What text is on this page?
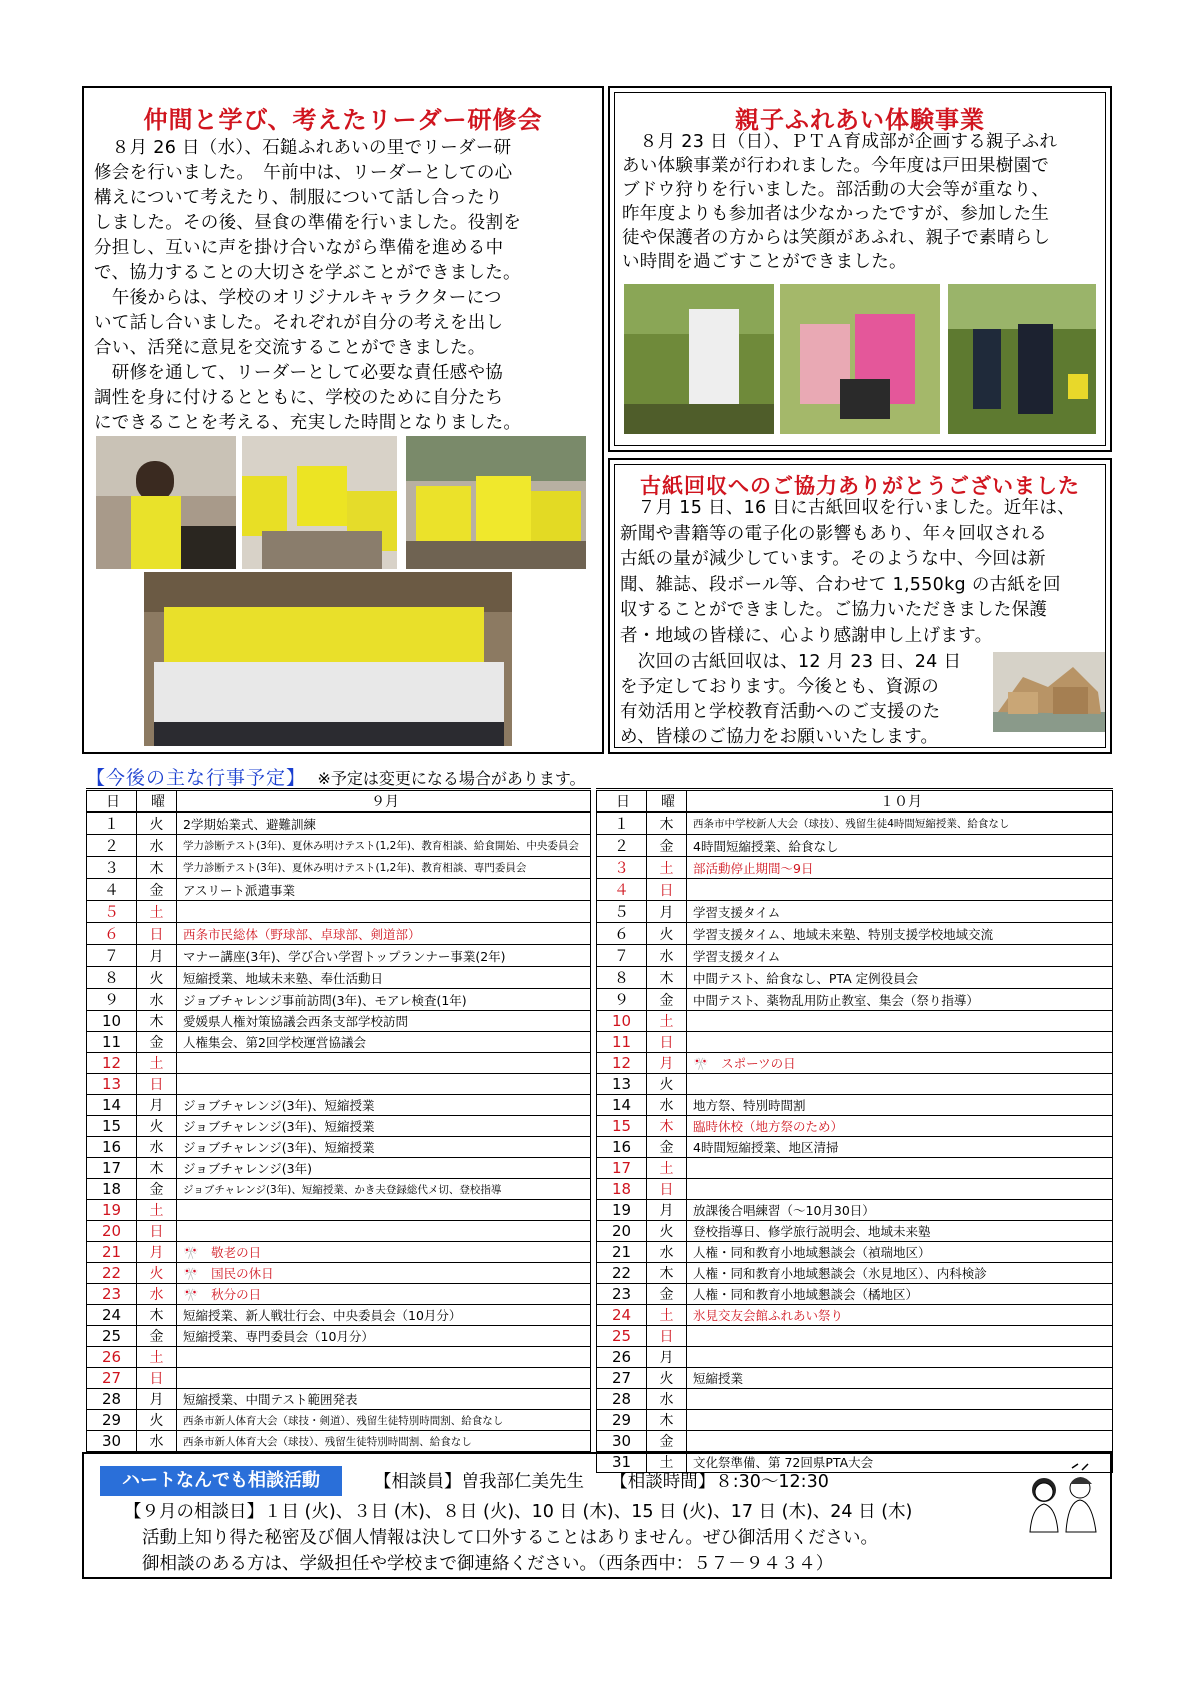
仲間と学び、考えたリーダー研修会
　８月 26 日（水）、石鎚ふれあいの里でリーダー研
修会を行いました。　午前中は、リーダーとしての心
構えについて考えたり、制服について話し合ったり
しました。その後、昼食の準備を行いました。役割を
分担し、互いに声を掛け合いながら準備を進める中
で、協力することの大切さを学ぶことができました。
　午後からは、学校のオリジナルキャラクターにつ
いて話し合いました。それぞれが自分の考えを出し
合い、活発に意見を交流することができました。
　研修を通して、リーダーとして必要な責任感や協
調性を身に付けるとともに、学校のために自分たち
にできることを考える、充実した時間となりました。
親子ふれあい体験事業
　８月 23 日（日）、ＰＴＡ育成部が企画する親子ふれ
あい体験事業が行われました。今年度は戸田果樹園で
ブドウ狩りを行いました。部活動の大会等が重なり、
昨年度よりも参加者は少なかったですが、参加した生
徒や保護者の方からは笑顔があふれ、親子で素晴らし
い時間を過ごすことができました。
古紙回収へのご協力ありがとうございました
　７月 15 日、16 日に古紙回収を行いました。近年は、
新聞や書籍等の電子化の影響もあり、年々回収される
古紙の量が減少しています。そのような中、今回は新
聞、雑誌、段ボール等、合わせて 1,550kg の古紙を回
収することができました。ご協力いただきました保護
者・地域の皆様に、心より感謝申し上げます。
　次回の古紙回収は、12 月 23 日、24 日
を予定しております。今後とも、資源の
有効活用と学校教育活動へのご支援のた
め、皆様のご協力をお願いいたします。
【今後の主な行事予定】 ※予定は変更になる場合があります。
日	曜	９月
１	火	2学期始業式、避難訓練
２	水	学力診断テスト(3年)、夏休み明けテスト(1,2年)、教育相談、給食開始、中央委員会
３	木	学力診断テスト(3年)、夏休み明けテスト(1,2年)、教育相談、専門委員会
４	金	アスリート派遣事業
５	土	
６	日	西条市民総体（野球部、卓球部、剣道部）
７	月	マナー講座(3年)、学び合い学習トップランナー事業(2年)
８	火	短縮授業、地域未来塾、奉仕活動日
９	水	ジョブチャレンジ事前訪問(3年)、モアレ検査(1年)
10	木	愛媛県人権対策協議会西条支部学校訪問
11	金	人権集会、第2回学校運営協議会
12	土	
13	日	
14	月	ジョブチャレンジ(3年)、短縮授業
15	火	ジョブチャレンジ(3年)、短縮授業
16	水	ジョブチャレンジ(3年)、短縮授業
17	木	ジョブチャレンジ(3年)
18	金	ジョブチャレンジ(3年)、短縮授業、かき夫登録総代メ切、登校指導
19	土	
20	日	
21	月	🎌　敬老の日
22	火	🎌　国民の休日
23	水	🎌　秋分の日
24	木	短縮授業、新人戦壮行会、中央委員会（10月分）
25	金	短縮授業、専門委員会（10月分）
26	土	
27	日	
28	月	短縮授業、中間テスト範囲発表
29	火	西条市新人体育大会（球技・剣道）、残留生徒特別時間割、給食なし
30	水	西条市新人体育大会（球技）、残留生徒特別時間割、給食なし
日	曜	１０月
１	木	西条市中学校新人大会（球技）、残留生徒4時間短縮授業、給食なし
２	金	4時間短縮授業、給食なし
３	土	部活動停止期間～9日
４	日	
５	月	学習支援タイム
６	火	学習支援タイム、地域未来塾、特別支援学校地域交流
７	水	学習支援タイム
８	木	中間テスト、給食なし、PTA 定例役員会
９	金	中間テスト、薬物乱用防止教室、集会（祭り指導）
10	土	
11	日	
12	月	🎌　スポーツの日
13	火	
14	水	地方祭、特別時間割
15	木	臨時休校（地方祭のため）
16	金	4時間短縮授業、地区清掃
17	土	
18	日	
19	月	放課後合唱練習（～10月30日）
20	火	登校指導日、修学旅行説明会、地域未来塾
21	水	人権・同和教育小地域懇談会（禎瑞地区）
22	木	人権・同和教育小地域懇談会（氷見地区）、内科検診
23	金	人権・同和教育小地域懇談会（橘地区）
24	土	氷見交友会館ふれあい祭り
25	日	
26	月	
27	火	短縮授業
28	水	
29	木	
30	金	
31	土	文化祭準備、第 72回県PTA大会
ハートなんでも相談活動	【相談員】曽我部仁美先生　　【相談時間】８:30～12:30
【９月の相談日】１日 (火)、３日 (木)、８日 (火)、10 日 (木)、15 日 (火)、17 日 (木)、24 日 (木)
活動上知り得た秘密及び個人情報は決して口外することはありません。ぜひ御活用ください。
御相談のある方は、学級担任や学校まで御連絡ください。（西条西中：５７－９４３４）
